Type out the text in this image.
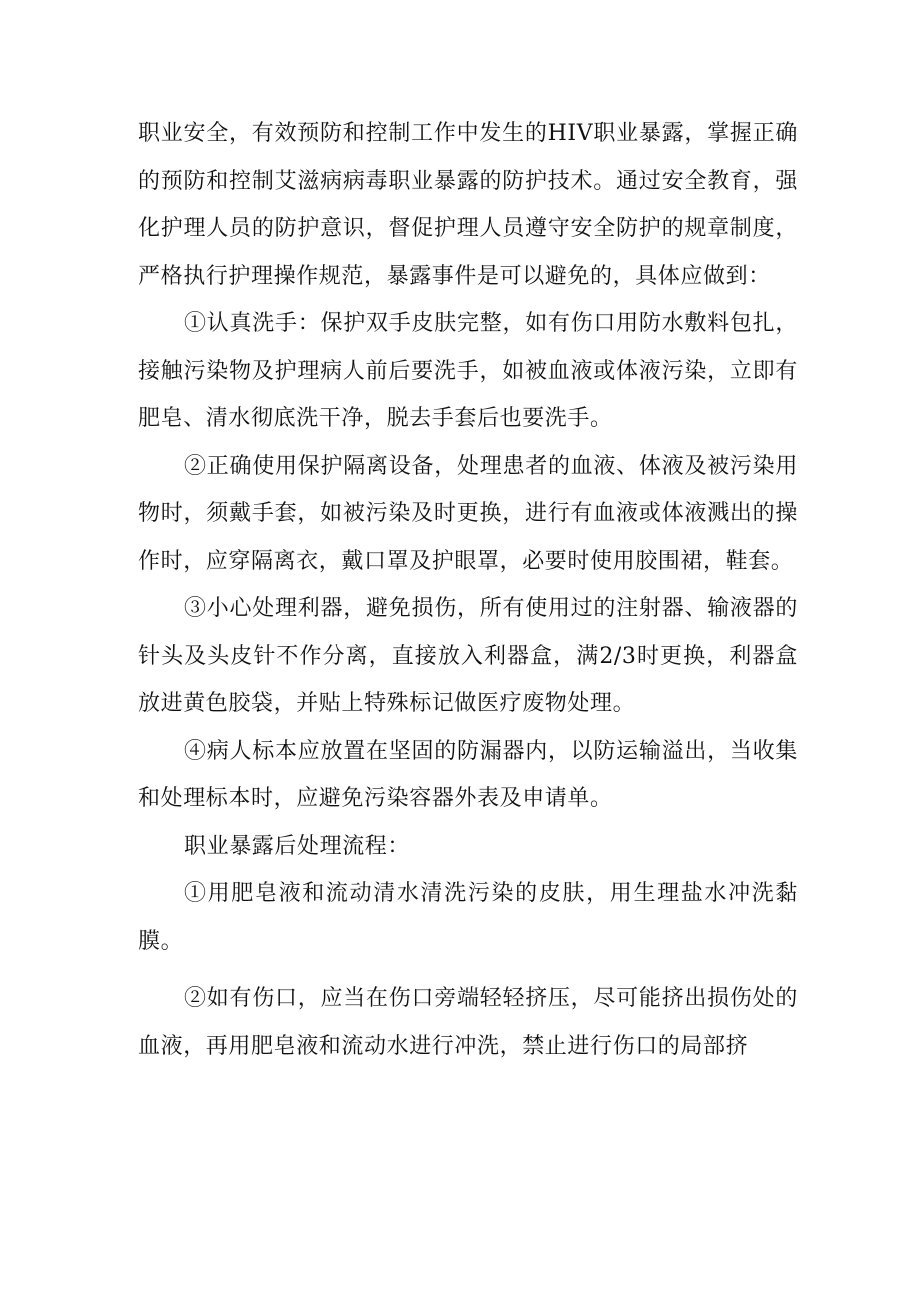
职业安全，有效预防和控制工作中发生的HIV职业暴露，掌握正确的预防和控制艾滋病病毒职业暴露的防护技术。通过安全教育，强化护理人员的防护意识，督促护理人员遵守安全防护的规章制度，严格执行护理操作规范，暴露事件是可以避免的，具体应做到：

①认真洗手：保护双手皮肤完整，如有伤口用防水敷料包扎，接触污染物及护理病人前后要洗手，如被血液或体液污染，立即有肥皂、清水彻底洗干净，脱去手套后也要洗手。

②正确使用保护隔离设备，处理患者的血液、体液及被污染用物时，须戴手套，如被污染及时更换，进行有血液或体液溅出的操作时，应穿隔离衣，戴口罩及护眼罩，必要时使用胶围裙，鞋套。

③小心处理利器，避免损伤，所有使用过的注射器、输液器的针头及头皮针不作分离，直接放入利器盒，满2/3时更换，利器盒放进黄色胶袋，并贴上特殊标记做医疗废物处理。

④病人标本应放置在坚固的防漏器内，以防运输溢出，当收集和处理标本时，应避免污染容器外表及申请单。

职业暴露后处理流程：

①用肥皂液和流动清水清洗污染的皮肤，用生理盐水冲洗黏膜。

②如有伤口，应当在伤口旁端轻轻挤压，尽可能挤出损伤处的血液，再用肥皂液和流动水进行冲洗，禁止进行伤口的局部挤
